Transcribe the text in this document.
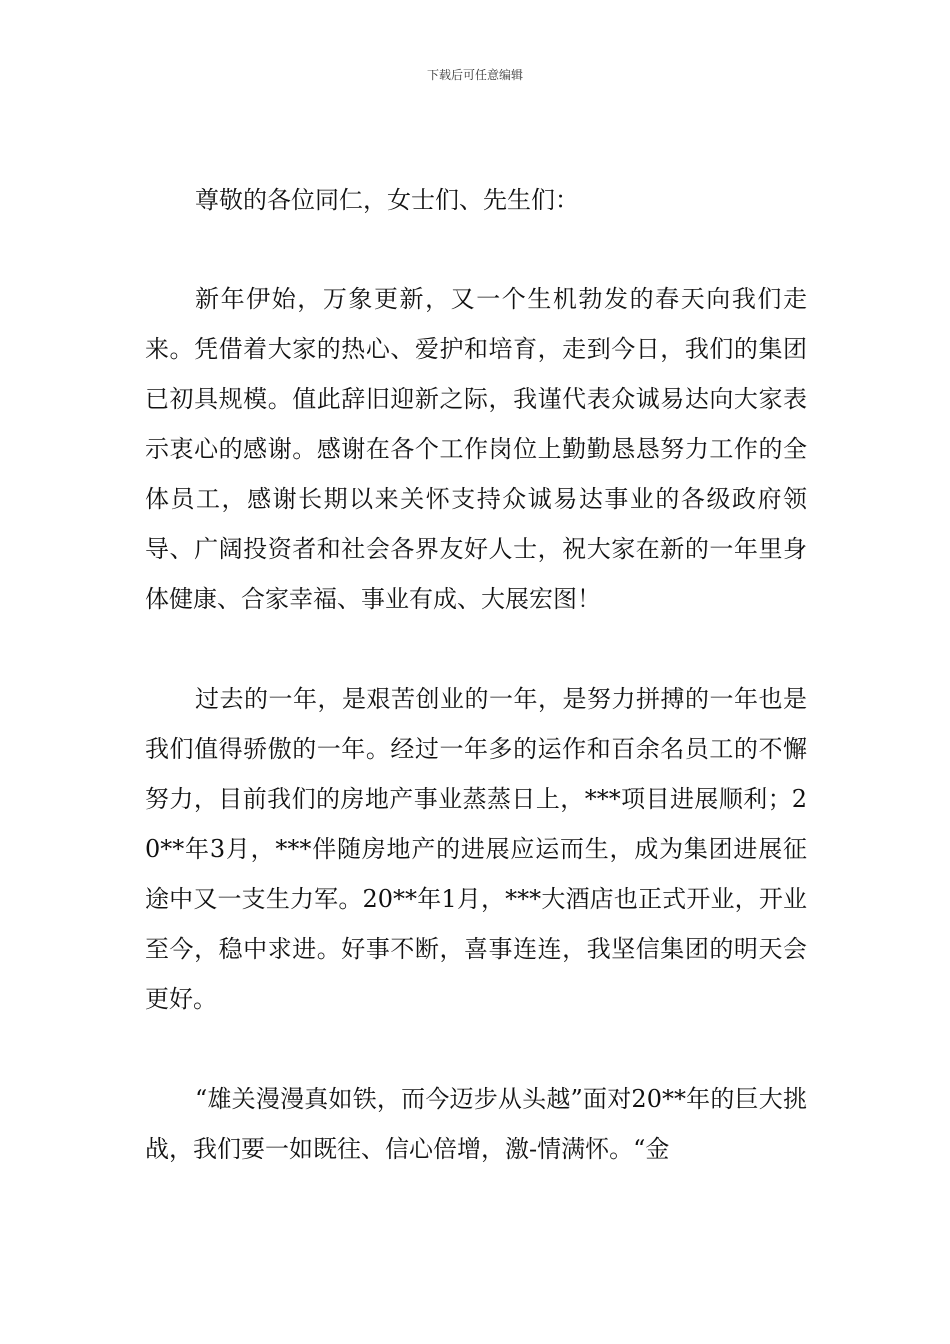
下载后可任意编辑

尊敬的各位同仁，女士们、先生们：

新年伊始，万象更新，又一个生机勃发的春天向我们走来。凭借着大家的热心、爱护和培育，走到今日，我们的集团已初具规模。值此辞旧迎新之际，我谨代表众诚易达向大家表示衷心的感谢。感谢在各个工作岗位上勤勤恳恳努力工作的全体员工，感谢长期以来关怀支持众诚易达事业的各级政府领导、广阔投资者和社会各界友好人士，祝大家在新的一年里身体健康、合家幸福、事业有成、大展宏图！

过去的一年，是艰苦创业的一年，是努力拼搏的一年也是我们值得骄傲的一年。经过一年多的运作和百余名员工的不懈努力，目前我们的房地产事业蒸蒸日上，***项目进展顺利；20**年3月，***伴随房地产的进展应运而生，成为集团进展征途中又一支生力军。20**年1月，***大酒店也正式开业，开业至今，稳中求进。好事不断，喜事连连，我坚信集团的明天会更好。

“雄关漫漫真如铁，而今迈步从头越”面对20**年的巨大挑战，我们要一如既往、信心倍增，激-情满怀。“金
